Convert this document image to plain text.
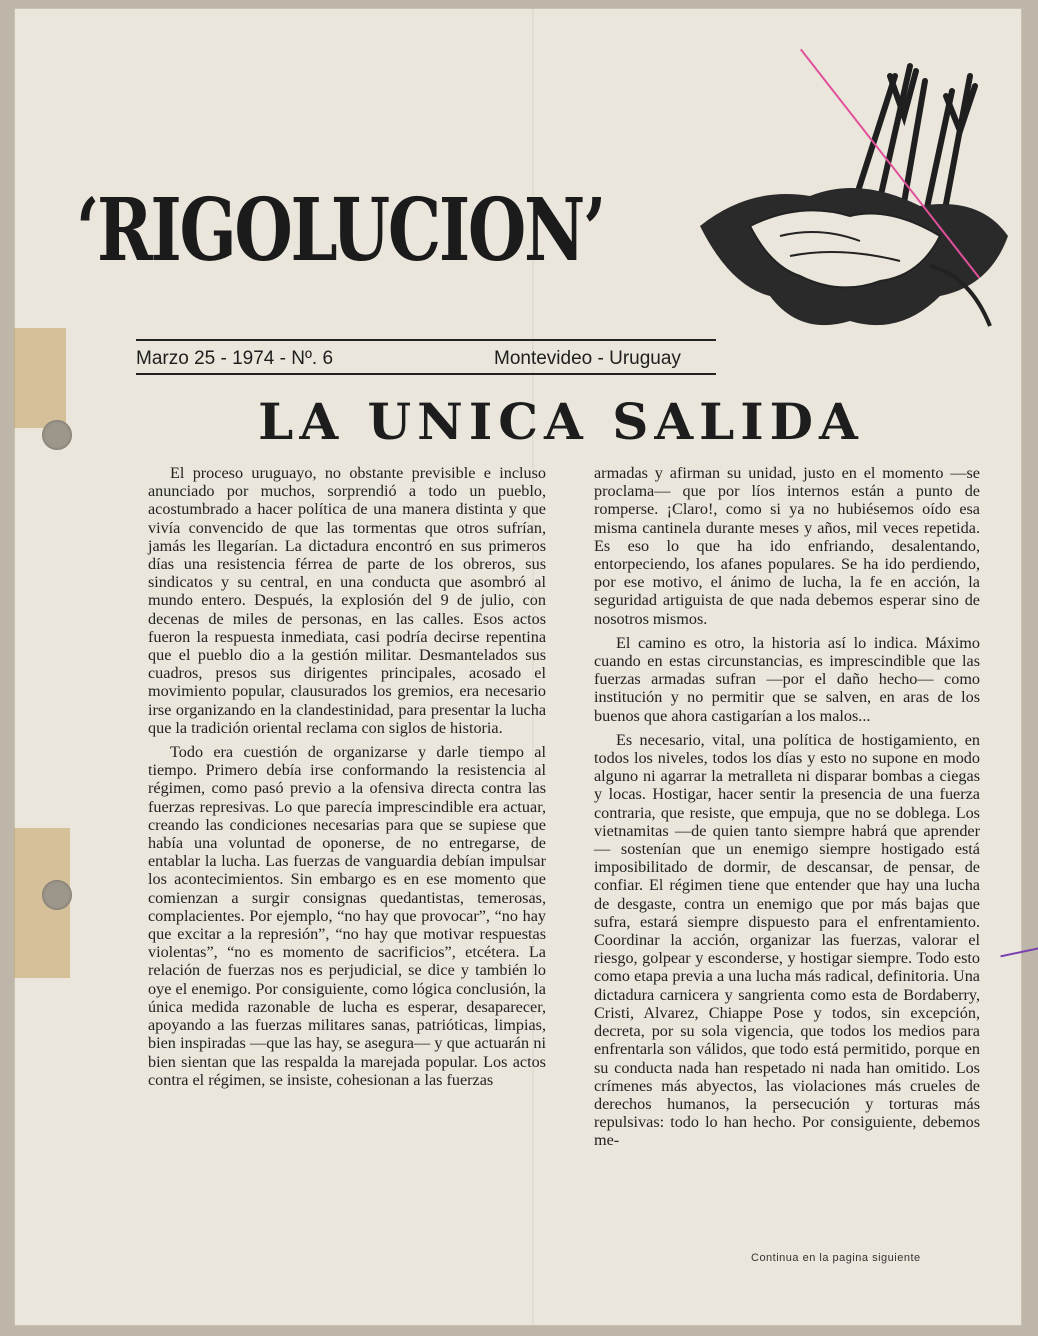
‘RIGOLUCION’
Marzo 25 - 1974 - Nº. 6	Montevideo - Uruguay
LA UNICA SALIDA

El proceso uruguayo, no obstante previsible e incluso anunciado por muchos, sorprendió a todo un pueblo, acostumbrado a hacer política de una manera distinta y que vivía convencido de que las tormentas que otros sufrían, jamás les llegarían. La dictadura encontró en sus primeros días una resistencia férrea de parte de los obreros, sus sindicatos y su central, en una conducta que asombró al mundo entero. Después, la explosión del 9 de julio, con decenas de miles de personas, en las calles. Esos actos fueron la respuesta inmediata, casi podría decirse repentina que el pueblo dio a la gestión militar. Desmantelados sus cuadros, presos sus dirigentes principales, acosado el movimiento popular, clausurados los gremios, era necesario irse organizando en la clandestinidad, para presentar la lucha que la tradición oriental reclama con siglos de historia.

Todo era cuestión de organizarse y darle tiempo al tiempo. Primero debía irse conformando la resistencia al régimen, como pasó previo a la ofensiva directa contra las fuerzas represivas. Lo que parecía imprescindible era actuar, creando las condiciones necesarias para que se supiese que había una voluntad de oponerse, de no entregarse, de entablar la lucha. Las fuerzas de vanguardia debían impulsar los acontecimientos. Sin embargo es en ese momento que comienzan a surgir consignas quedantistas, temerosas, complacientes. Por ejemplo, “no hay que provocar”, “no hay que excitar a la represión”, “no hay que motivar respuestas violentas”, “no es momento de sacrificios”, etcétera. La relación de fuerzas nos es perjudicial, se dice y también lo oye el enemigo. Por consiguiente, como lógica conclusión, la única medida razonable de lucha es esperar, desaparecer, apoyando a las fuerzas militares sanas, patrióticas, limpias, bien inspiradas —que las hay, se asegura— y que actuarán ni bien sientan que las respalda la marejada popular. Los actos contra el régimen, se insiste, cohesionan a las fuerzas

armadas y afirman su unidad, justo en el momento —se proclama— que por líos internos están a punto de romperse. ¡Claro!, como si ya no hubiésemos oído esa misma cantinela durante meses y años, mil veces repetida. Es eso lo que ha ido enfriando, desalentando, entorpeciendo, los afanes populares. Se ha ido perdiendo, por ese motivo, el ánimo de lucha, la fe en acción, la seguridad artiguista de que nada debemos esperar sino de nosotros mismos.

El camino es otro, la historia así lo indica. Máximo cuando en estas circunstancias, es imprescindible que las fuerzas armadas sufran —por el daño hecho— como institución y no permitir que se salven, en aras de los buenos que ahora castigarían a los malos...

Es necesario, vital, una política de hostigamiento, en todos los niveles, todos los días y esto no supone en modo alguno ni agarrar la metralleta ni disparar bombas a ciegas y locas. Hostigar, hacer sentir la presencia de una fuerza contraria, que resiste, que empuja, que no se doblega. Los vietnamitas —de quien tanto siempre habrá que aprender— sostenían que un enemigo siempre hostigado está imposibilitado de dormir, de descansar, de pensar, de confiar. El régimen tiene que entender que hay una lucha de desgaste, contra un enemigo que por más bajas que sufra, estará siempre dispuesto para el enfrentamiento. Coordinar la acción, organizar las fuerzas, valorar el riesgo, golpear y esconderse, y hostigar siempre. Todo esto como etapa previa a una lucha más radical, definitoria. Una dictadura carnicera y sangrienta como esta de Bordaberry, Cristi, Alvarez, Chiappe Pose y todos, sin excepción, decreta, por su sola vigencia, que todos los medios para enfrentarla son válidos, que todo está permitido, porque en su conducta nada han respetado ni nada han omitido. Los crímenes más abyectos, las violaciones más crueles de derechos humanos, la persecución y torturas más repulsivas: todo lo han hecho. Por consiguiente, debemos me-

Continua en la pagina siguiente
